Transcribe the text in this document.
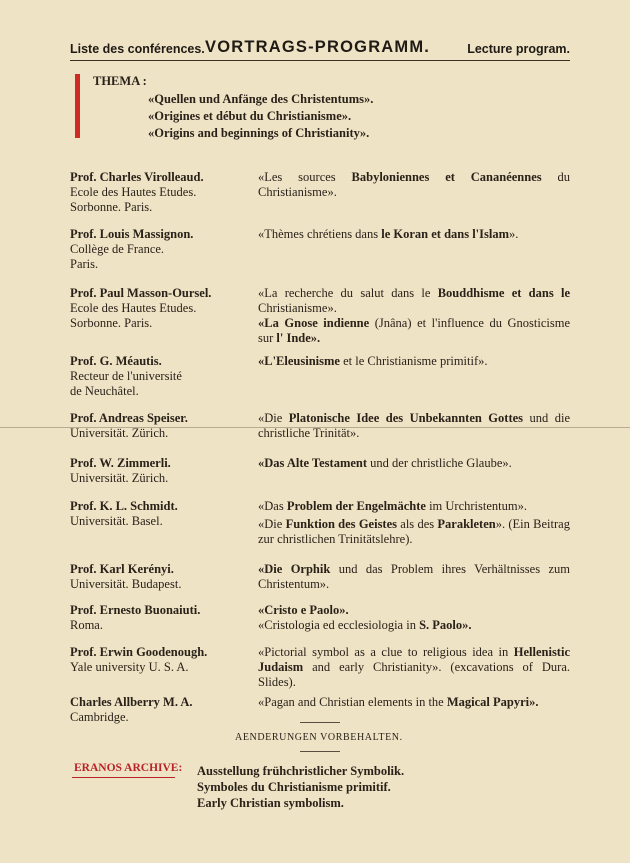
Liste des conférences. VORTRAGS-PROGRAMM.	Lecture program.
THEMA :
«Quellen und Anfänge des Christentums».
«Origines et début du Christianisme».
«Origins and beginnings of Christianity».
Prof. Charles Virolleaud.
Ecole des Hautes Etudes.
Sorbonne. Paris.
«Les sources Babyloniennes et Cananéennes du Christianisme».
Prof. Louis Massignon.
Collège de France.
Paris.
«Thèmes chrétiens dans le Koran et dans l'Islam».
Prof. Paul Masson-Oursel.
Ecole des Hautes Etudes.
Sorbonne. Paris.
«La recherche du salut dans le Bouddhisme et dans le Christianisme».
«La Gnose indienne (Jnâna) et l'influence du Gnosticisme sur l' Inde».
Prof. G. Méautis.
Recteur de l'université
de Neuchâtel.
«L'Eleusinisme et le Christianisme primitif».
Prof. Andreas Speiser.
Universität. Zürich.
«Die Platonische Idee des Unbekannten Gottes und die christliche Trinität».
Prof. W. Zimmerli.
Universität. Zürich.
«Das Alte Testament und der christliche Glaube».
Prof. K. L. Schmidt.
Universität. Basel.
«Das Problem der Engelmächte im Urchristentum».
«Die Funktion des Geistes als des Parakleten». (Ein Beitrag zur christlichen Trinitätslehre).
Prof. Karl Kerényi.
Universität. Budapest.
«Die Orphik und das Problem ihres Verhältnisses zum Christentum».
Prof. Ernesto Buonaiuti.
Roma.
«Cristo e Paolo».
«Cristologia ed ecclesiologia in S. Paolo».
Prof. Erwin Goodenough.
Yale university U. S. A.
«Pictorial symbol as a clue to religious idea in Hellenistic Judaism and early Christianity». (excavations of Dura. Slides).
Charles Allberry M. A.
Cambridge.
«Pagan and Christian elements in the Magical Papyri».
AENDERUNGEN VORBEHALTEN.
ERANOS ARCHIVE: Ausstellung frühchristlicher Symbolik.
Symboles du Christianisme primitif.
Early Christian symbolism.
